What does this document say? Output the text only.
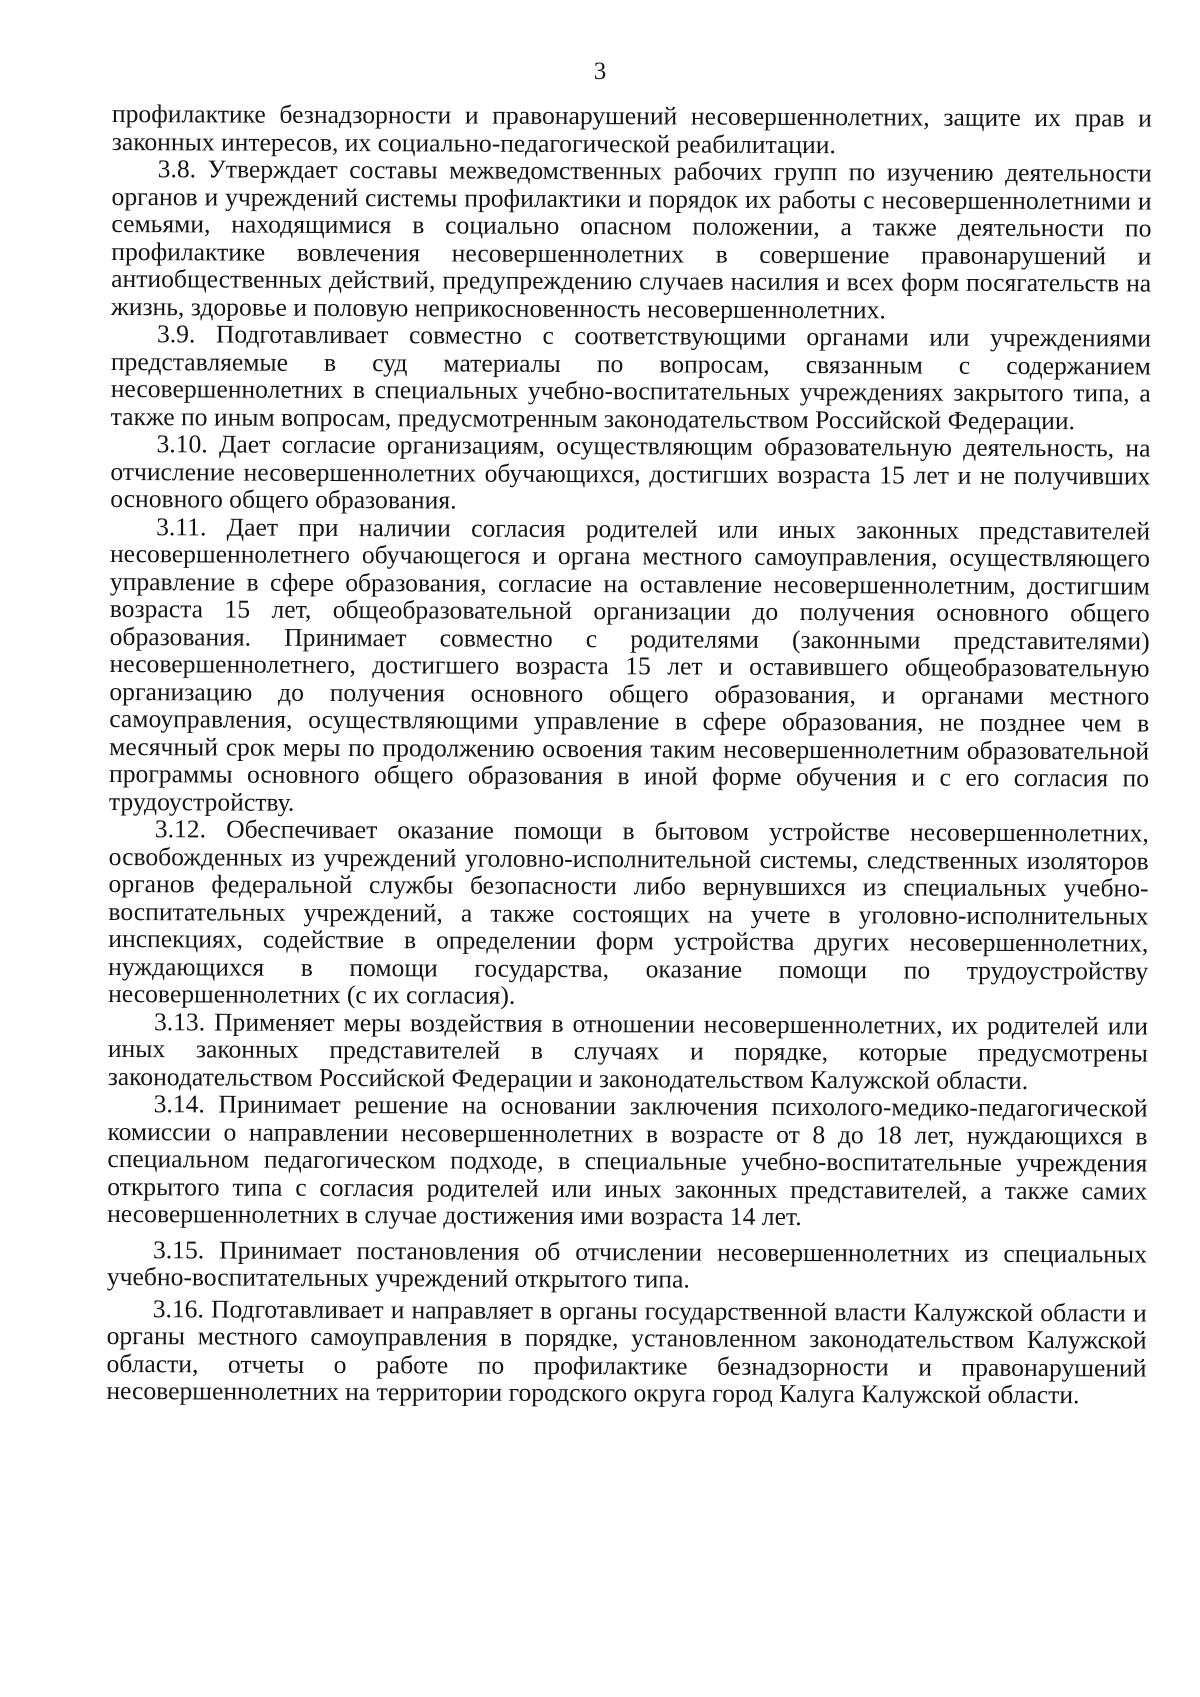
3

профилактике безнадзорности и правонарушений несовершеннолетних, защите их прав и законных интересов, их социально-педагогической реабилитации.

3.8. Утверждает составы межведомственных рабочих групп по изучению деятельности органов и учреждений системы профилактики и порядок их работы с несовершеннолетними и семьями, находящимися в социально опасном положении, а также деятельности по профилактике вовлечения несовершеннолетних в совершение правонарушений и антиобщественных действий, предупреждению случаев насилия и всех форм посягательств на жизнь, здоровье и половую неприкосновенность несовершеннолетних.

3.9. Подготавливает совместно с соответствующими органами или учреждениями представляемые в суд материалы по вопросам, связанным с содержанием несовершеннолетних в специальных учебно-воспитательных учреждениях закрытого типа, а также по иным вопросам, предусмотренным законодательством Российской Федерации.

3.10. Дает согласие организациям, осуществляющим образовательную деятельность, на отчисление несовершеннолетних обучающихся, достигших возраста 15 лет и не получивших основного общего образования.

3.11. Дает при наличии согласия родителей или иных законных представителей несовершеннолетнего обучающегося и органа местного самоуправления, осуществляющего управление в сфере образования, согласие на оставление несовершеннолетним, достигшим возраста 15 лет, общеобразовательной организации до получения основного общего образования. Принимает совместно с родителями (законными представителями) несовершеннолетнего, достигшего возраста 15 лет и оставившего общеобразовательную организацию до получения основного общего образования, и органами местного самоуправления, осуществляющими управление в сфере образования, не позднее чем в месячный срок меры по продолжению освоения таким несовершеннолетним образовательной программы основного общего образования в иной форме обучения и с его согласия по трудоустройству.

3.12. Обеспечивает оказание помощи в бытовом устройстве несовершеннолетних, освобожденных из учреждений уголовно-исполнительной системы, следственных изоляторов органов федеральной службы безопасности либо вернувшихся из специальных учебно-воспитательных учреждений, а также состоящих на учете в уголовно-исполнительных инспекциях, содействие в определении форм устройства других несовершеннолетних, нуждающихся в помощи государства, оказание помощи по трудоустройству несовершеннолетних (с их согласия).

3.13. Применяет меры воздействия в отношении несовершеннолетних, их родителей или иных законных представителей в случаях и порядке, которые предусмотрены законодательством Российской Федерации и законодательством Калужской области.

3.14. Принимает решение на основании заключения психолого-медико-педагогической комиссии о направлении несовершеннолетних в возрасте от 8 до 18 лет, нуждающихся в специальном педагогическом подходе, в специальные учебно-воспитательные учреждения открытого типа с согласия родителей или иных законных представителей, а также самих несовершеннолетних в случае достижения ими возраста 14 лет.

3.15. Принимает постановления об отчислении несовершеннолетних из специальных учебно-воспитательных учреждений открытого типа.

3.16. Подготавливает и направляет в органы государственной власти Калужской области и органы местного самоуправления в порядке, установленном законодательством Калужской области, отчеты о работе по профилактике безнадзорности и правонарушений несовершеннолетних на территории городского округа город Калуга Калужской области.
